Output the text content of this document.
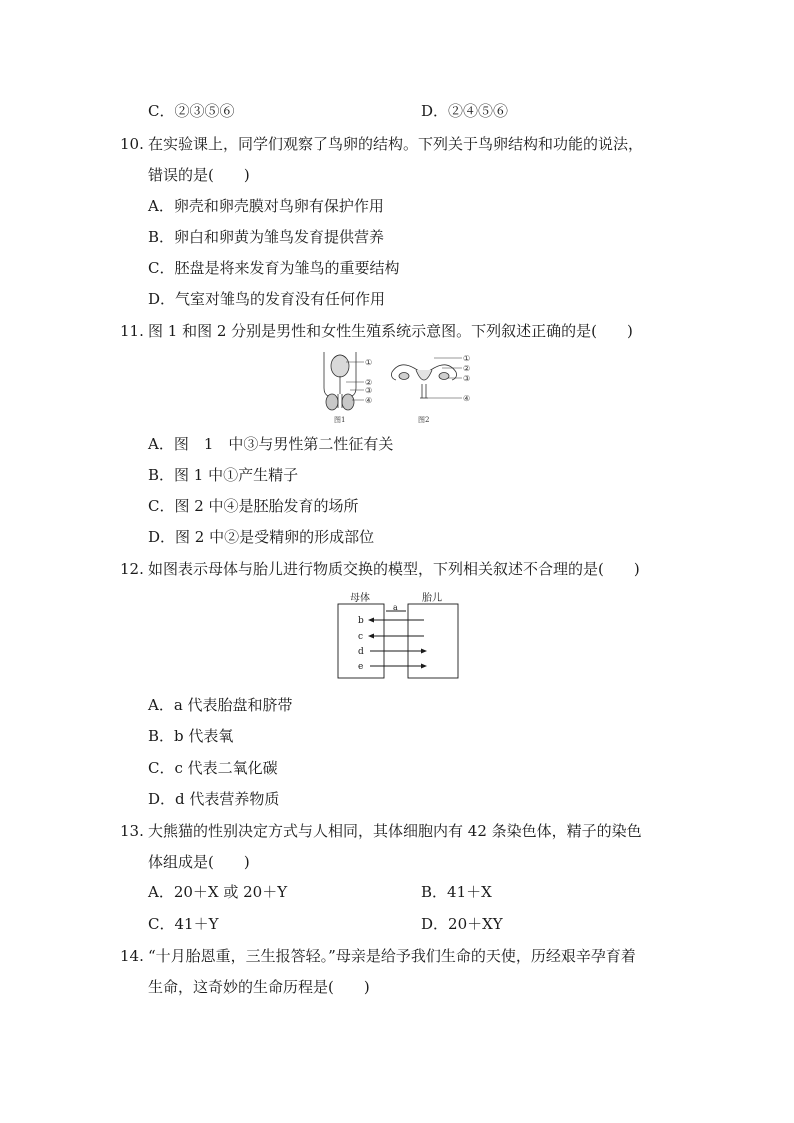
C．②③⑤⑥	D．②④⑤⑥
10. 在实验课上，同学们观察了鸟卵的结构。下列关于鸟卵结构和功能的说法，
错误的是(　　)
A．卵壳和卵壳膜对鸟卵有保护作用
B．卵白和卵黄为雏鸟发育提供营养
C．胚盘是将来发育为雏鸟的重要结构
D．气室对雏鸟的发育没有任何作用
11. 图 1 和图 2 分别是男性和女性生殖系统示意图。下列叙述正确的是(　　)
①
②
③
④
图1
①
②
③
④
图2
A．图　1　中③与男性第二性征有关
B．图 1 中①产生精子
C．图 2 中④是胚胎发育的场所
D．图 2 中②是受精卵的形成部位
12. 如图表示母体与胎儿进行物质交换的模型，下列相关叙述不合理的是(　　)
母体	胎儿
a
b
c
d
e
A．a 代表胎盘和脐带
B．b 代表氧
C．c 代表二氧化碳
D．d 代表营养物质
13. 大熊猫的性别决定方式与人相同，其体细胞内有 42 条染色体，精子的染色
体组成是(　　)
A．20＋X 或 20＋Y	B．41＋X
C．41＋Y	D．20＋XY
14. “十月胎恩重，三生报答轻。”母亲是给予我们生命的天使，历经艰辛孕育着
生命，这奇妙的生命历程是(　　)
